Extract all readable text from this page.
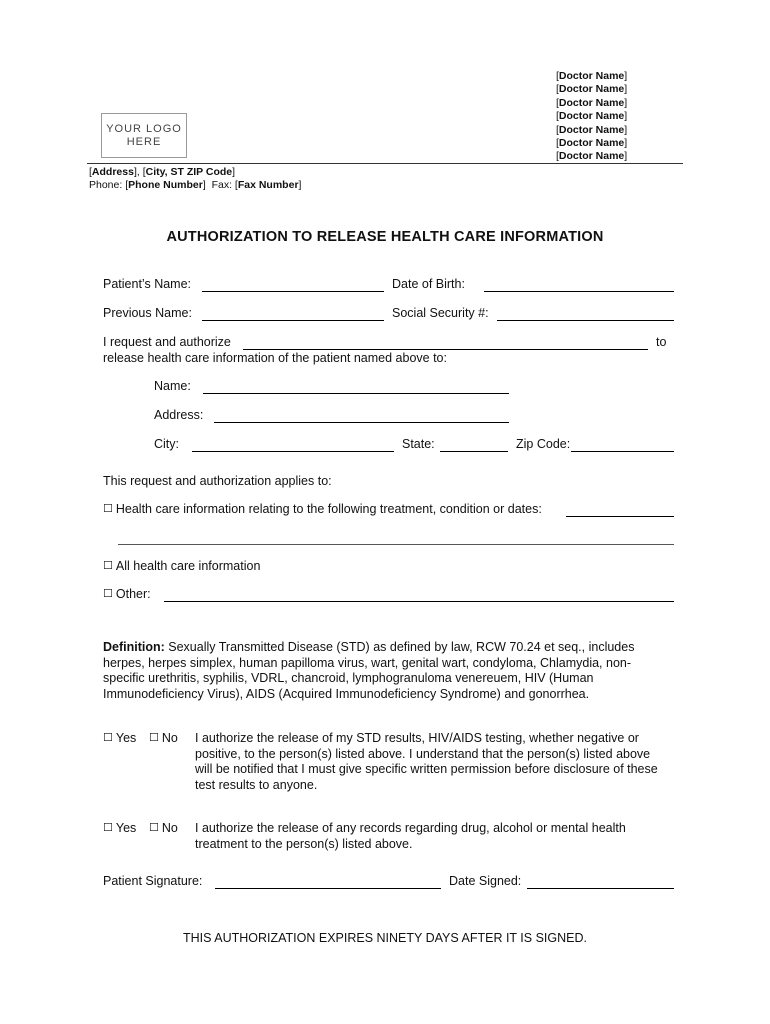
[Doctor Name]
[Doctor Name]
[Doctor Name]
[Doctor Name]
[Doctor Name]
[Doctor Name]
[Doctor Name]
YOUR LOGO
HERE
[Address], [City, ST ZIP Code]
Phone: [Phone Number]  Fax: [Fax Number]
AUTHORIZATION TO RELEASE HEALTH CARE INFORMATION
Patient’s Name:	Date of Birth:
Previous Name:	Social Security #:
I request and authorize	to
release health care information of the patient named above to:
Name:
Address:
City:	State:	Zip Code:
This request and authorization applies to:
☐ Health care information relating to the following treatment, condition or dates:
☐ All health care information
☐ Other:
Definition: Sexually Transmitted Disease (STD) as defined by law, RCW 70.24 et seq., includes
herpes, herpes simplex, human papilloma virus, wart, genital wart, condyloma, Chlamydia, non-
specific urethritis, syphilis, VDRL, chancroid, lymphogranuloma venereuem, HIV (Human
Immunodeficiency Virus), AIDS (Acquired Immunodeficiency Syndrome) and gonorrhea.
☐ Yes ☐ No I authorize the release of my STD results, HIV/AIDS testing, whether negative or
positive, to the person(s) listed above. I understand that the person(s) listed above
will be notified that I must give specific written permission before disclosure of these
test results to anyone.
☐ Yes ☐ No I authorize the release of any records regarding drug, alcohol or mental health
treatment to the person(s) listed above.
Patient Signature:	Date Signed:
THIS AUTHORIZATION EXPIRES NINETY DAYS AFTER IT IS SIGNED.
